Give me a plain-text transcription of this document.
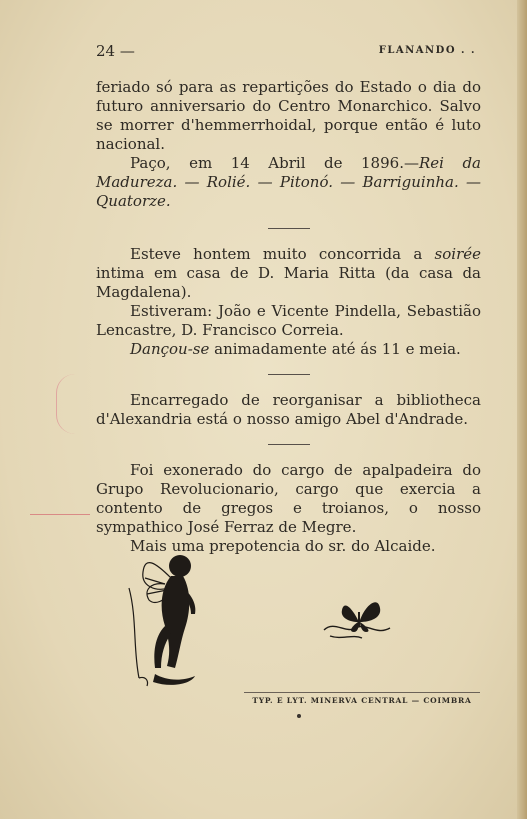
24 —	FLANANDO . .

feriado só para as repartições do Estado o dia do futuro anniversario do Centro Monarchico. Salvo se morrer d'hemmerrhoidal, porque então é luto nacional.

Paço, em 14 Abril de 1896.—Rei da Madureza. — Rolié. — Pitonó. — Barriguinha. — Quatorze.

Esteve hontem muito concorrida a soirée intima em casa de D. Maria Ritta (da casa da Magdalena).

Estiveram: João e Vicente Pindella, Sebastião Lencastre, D. Francisco Correia.

Dançou-se animadamente até ás 11 e meia.

Encarregado de reorganisar a bibliotheca d'Alexandria está o nosso amigo Abel d'Andrade.

Foi exonerado do cargo de apalpadeira do Grupo Revolucionario, cargo que exercia a contento de gregos e troianos, o nosso sympathico José Ferraz de Megre.

Mais uma prepotencia do sr. do Alcaide.

TYP. E LYT. MINERVA CENTRAL — COIMBRA
